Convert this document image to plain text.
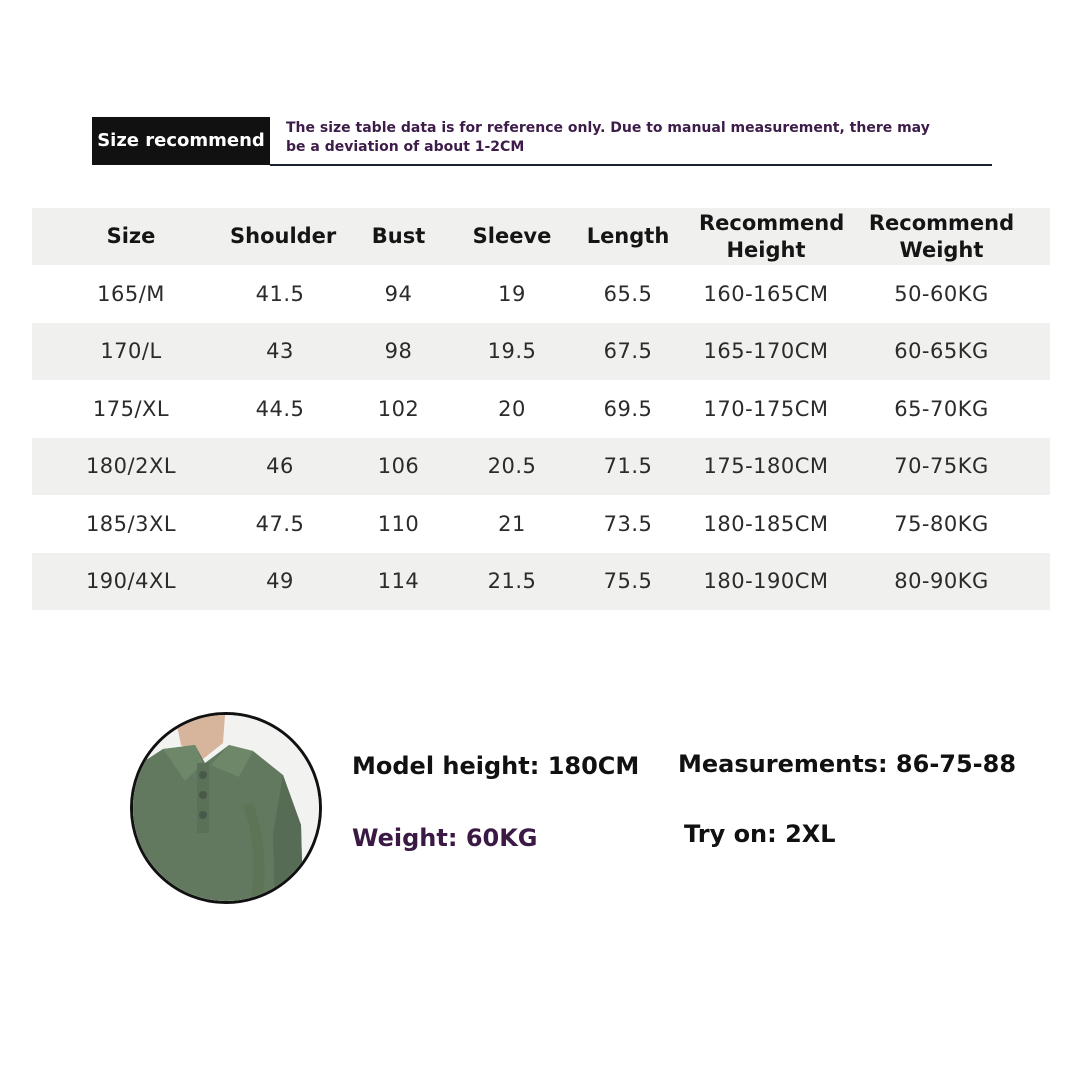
Size recommend
The size table data is for reference only. Due to manual measurement, there may be a deviation of about 1-2CM
Size	Shoulder	Bust	Sleeve	Length	Recommend Height	Recommend Weight
165/M	41.5	94	19	65.5	160-165CM	50-60KG
170/L	43	98	19.5	67.5	165-170CM	60-65KG
175/XL	44.5	102	20	69.5	170-175CM	65-70KG
180/2XL	46	106	20.5	71.5	175-180CM	70-75KG
185/3XL	47.5	110	21	73.5	180-185CM	75-80KG
190/4XL	49	114	21.5	75.5	180-190CM	80-90KG
Model height: 180CM Measurements: 86-75-88
Weight: 60KG	Try on: 2XL
